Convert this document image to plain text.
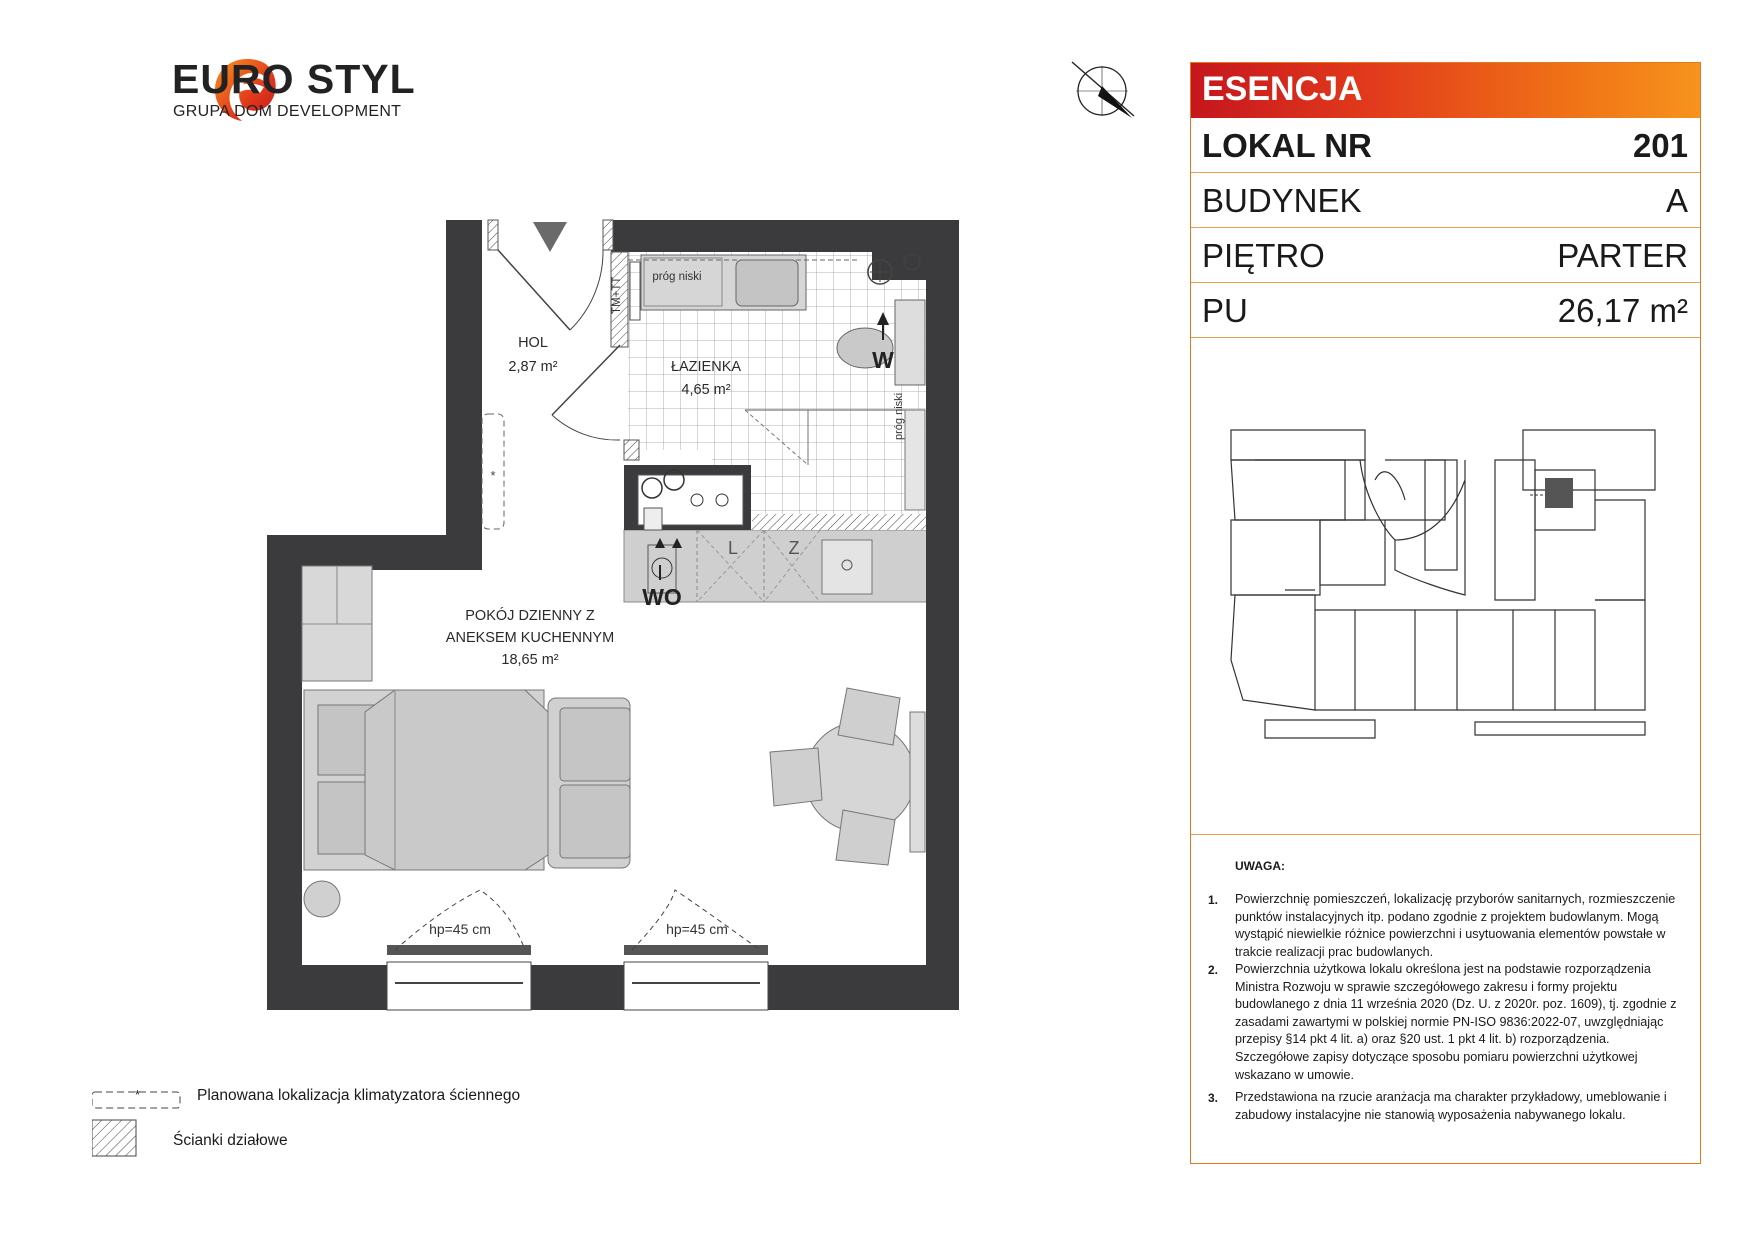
EURO STYL
GRUPA DOM DEVELOPMENT
HOL
2,87 m²	ŁAZIENKA
4,65 m²
POKÓJ DZIENNY Z
ANEKSEM KUCHENNYM
18,65 m²
próg niski
próg niski
TM+TT
W
WO
L	Z
hp=45 cm	hp=45 cm
*
ESENCJA
LOKAL NR	201
BUDYNEK	A
PIĘTRO	PARTER
PU	26,17 m²
UWAGA:
1. Powierzchnię pomieszczeń, lokalizację przyborów sanitarnych, rozmieszczenie punktów instalacyjnych itp. podano zgodnie z projektem budowlanym. Mogą wystąpić niewielkie różnice powierzchni i usytuowania elementów powstałe w trakcie realizacji prac budowlanych.
2. Powierzchnia użytkowa lokalu określona jest na podstawie rozporządzenia Ministra Rozwoju w sprawie szczegółowego zakresu i formy projektu budowlanego z dnia 11 września 2020 (Dz. U. z 2020r. poz. 1609), tj. zgodnie z zasadami zawartymi w polskiej normie PN-ISO 9836:2022-07, uwzględniając przepisy §14 pkt 4 lit. a) oraz §20 ust. 1 pkt 4 lit. b) rozporządzenia. Szczegółowe zapisy dotyczące sposobu pomiaru powierzchni użytkowej wskazano w umowie.
3. Przedstawiona na rzucie aranżacja ma charakter przykładowy, umeblowanie i zabudowy instalacyjne nie stanowią wyposażenia nabywanego lokalu.
*	Planowana lokalizacja klimatyzatora ściennego
Ścianki działowe
